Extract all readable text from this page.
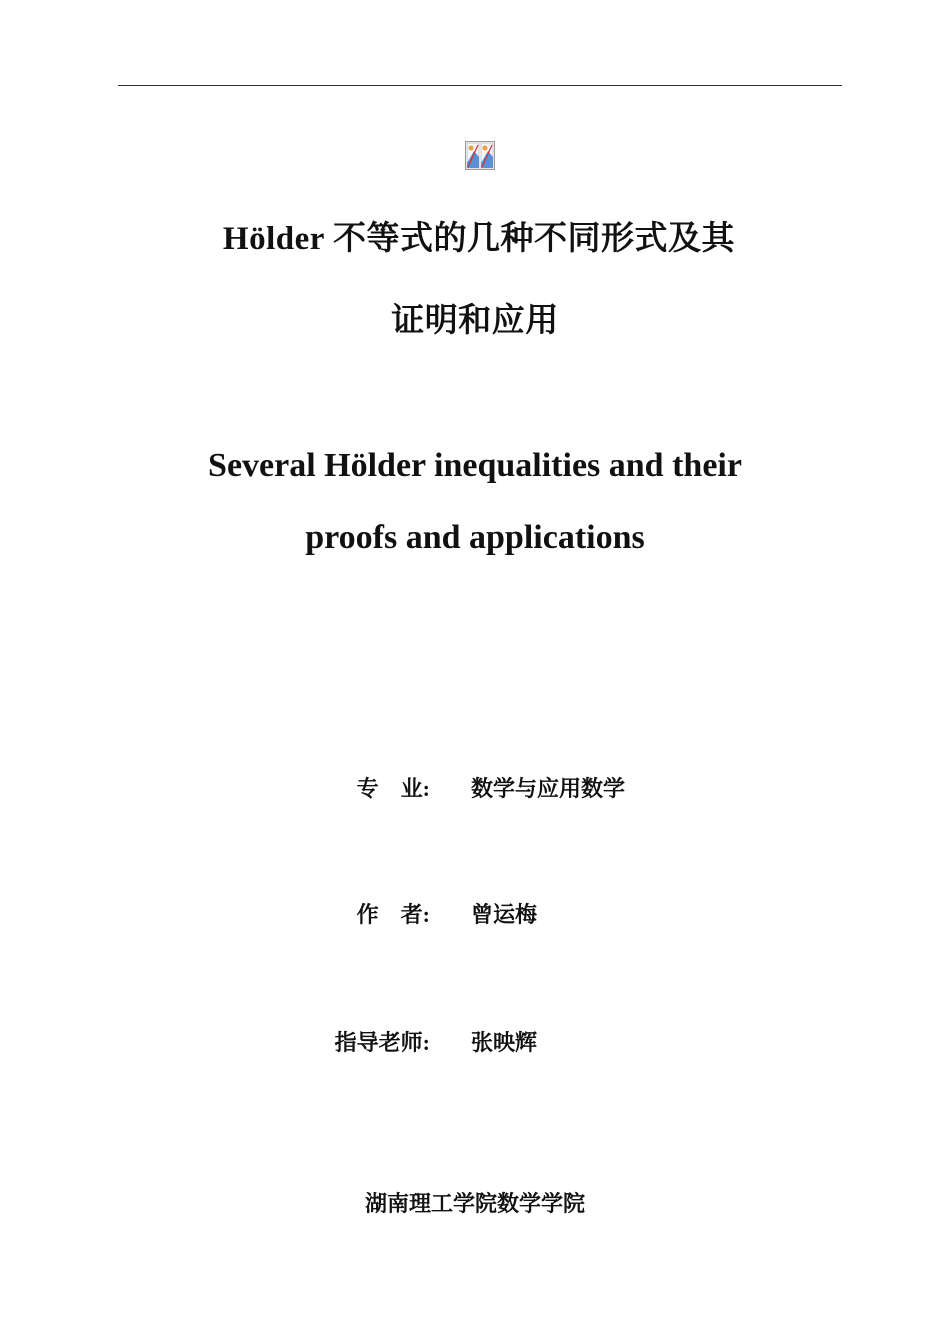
Hölder 不等式的几种不同形式及其
证明和应用
Several Hölder inequalities and their
proofs and applications
专    业: 数学与应用数学
作    者: 曾运梅
指导老师: 张映辉
湖南理工学院数学学院
